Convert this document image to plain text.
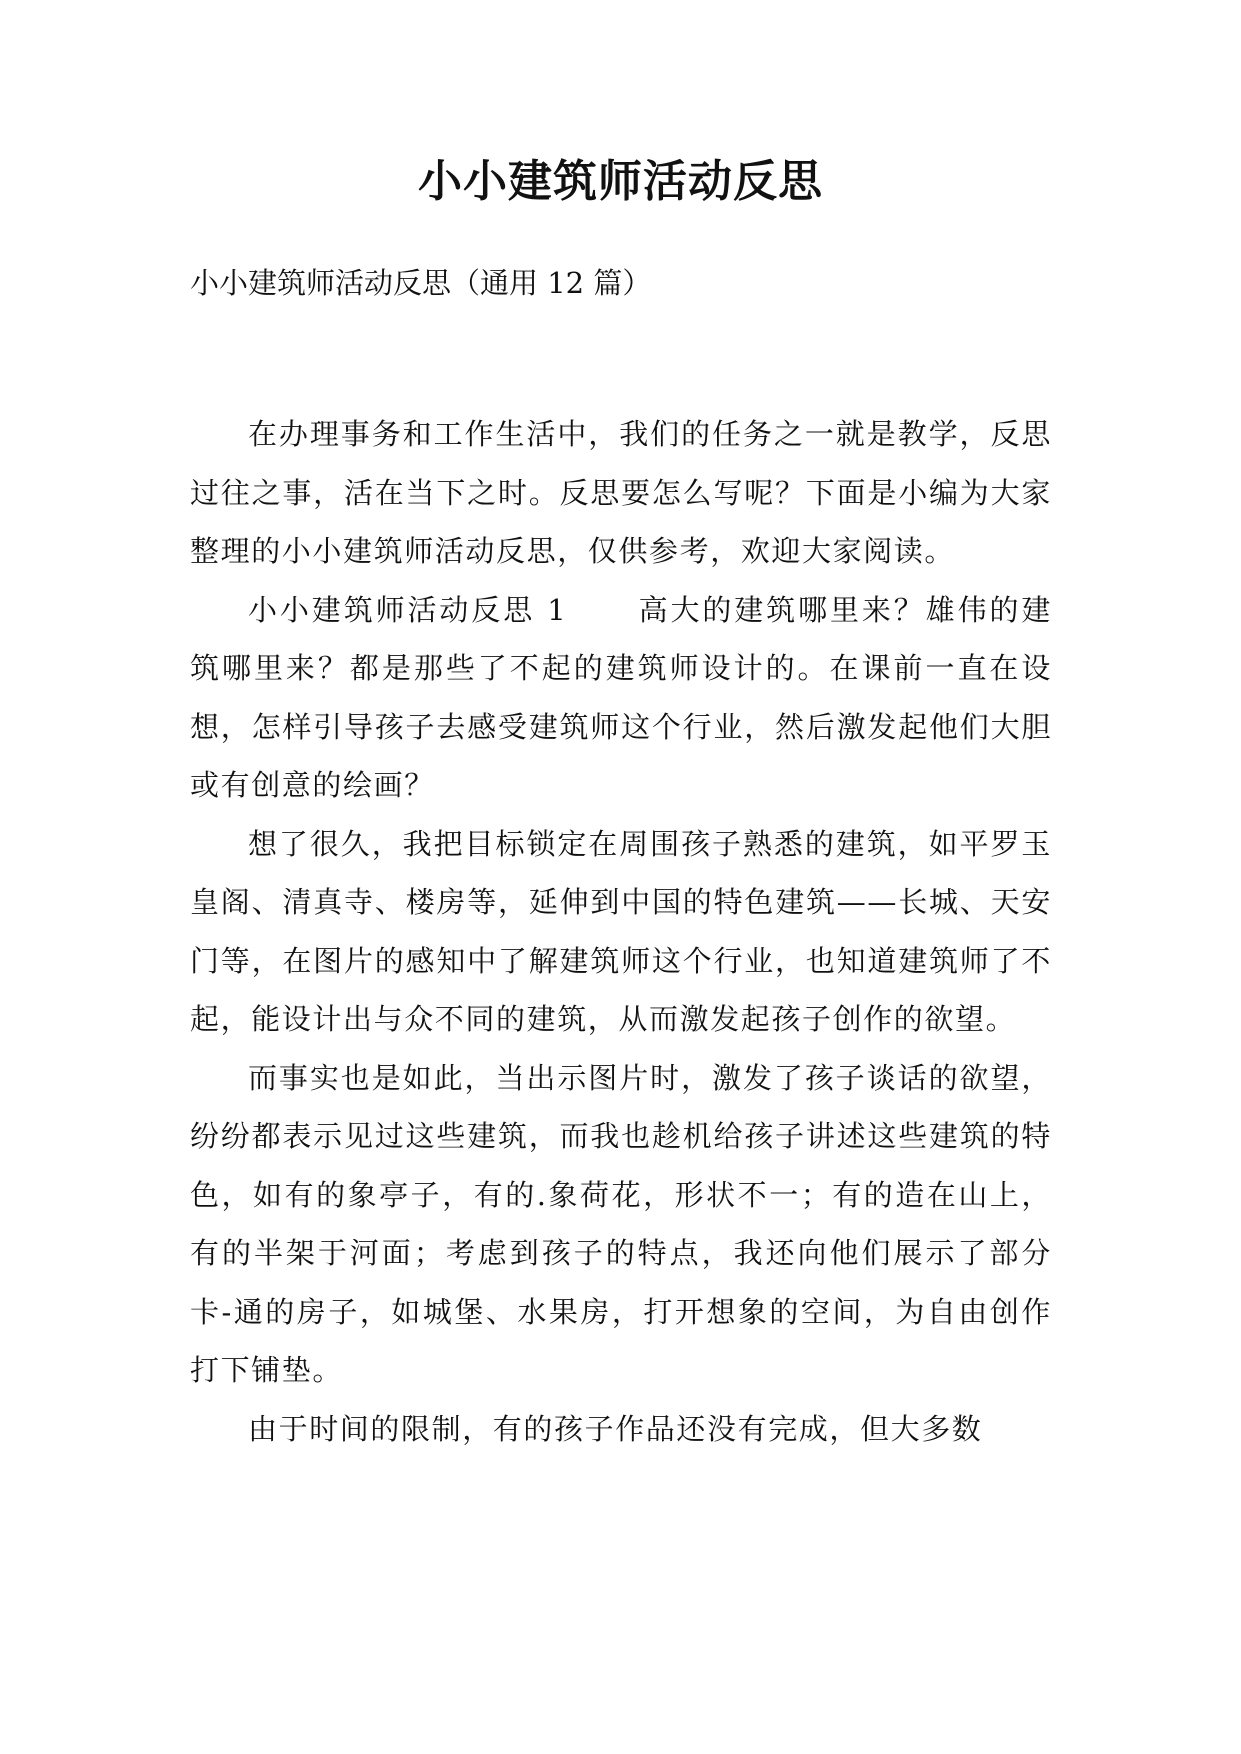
小小建筑师活动反思
小小建筑师活动反思（通用 12 篇）

在办理事务和工作生活中，我们的任务之一就是教学，反思过往之事，活在当下之时。反思要怎么写呢？下面是小编为大家整理的小小建筑师活动反思，仅供参考，欢迎大家阅读。

小小建筑师活动反思 1 高大的建筑哪里来？雄伟的建筑哪里来？都是那些了不起的建筑师设计的。在课前一直在设想，怎样引导孩子去感受建筑师这个行业，然后激发起他们大胆或有创意的绘画？

想了很久，我把目标锁定在周围孩子熟悉的建筑，如平罗玉皇阁、清真寺、楼房等，延伸到中国的特色建筑——长城、天安门等，在图片的感知中了解建筑师这个行业，也知道建筑师了不起，能设计出与众不同的建筑，从而激发起孩子创作的欲望。

而事实也是如此，当出示图片时，激发了孩子谈话的欲望，纷纷都表示见过这些建筑，而我也趁机给孩子讲述这些建筑的特色，如有的象亭子，有的.象荷花，形状不一；有的造在山上，有的半架于河面；考虑到孩子的特点，我还向他们展示了部分卡-通的房子，如城堡、水果房，打开想象的空间，为自由创作打下铺垫。

由于时间的限制，有的孩子作品还没有完成，但大多数
